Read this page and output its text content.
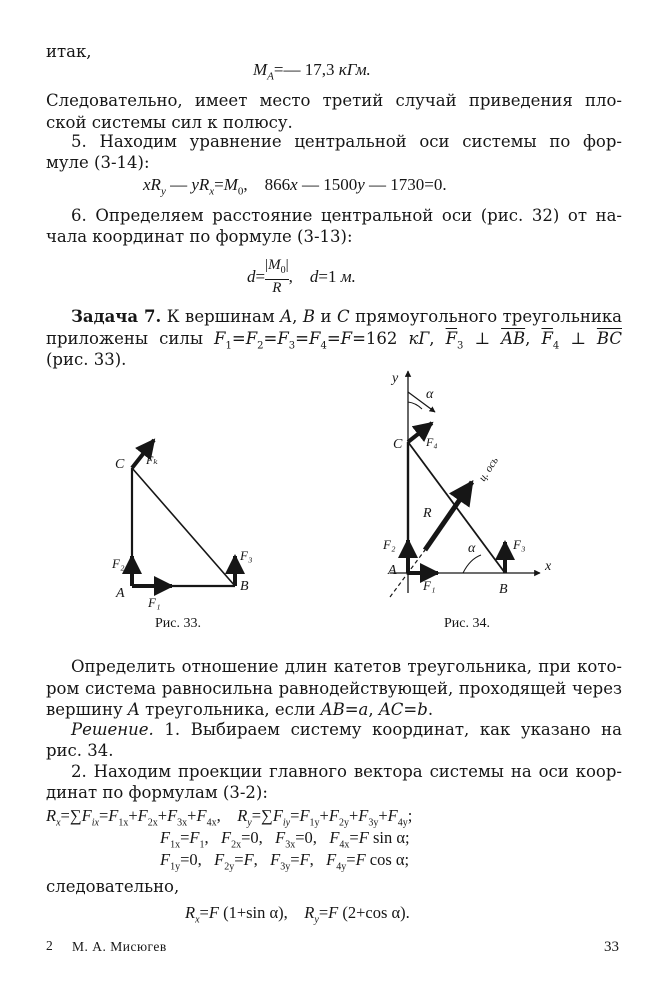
итак,
$M_A=—$ 17,3 кГм.
Следовательно, имеет место третий случай приведения пло-
ской системы сил к полюсу.
5. Находим уравнение центральной оси системы по фор-
муле (3-14):
$xR_y$ — $yR_x=M_0$,    866x — 1500y — 1730=0.
6. Определяем расстояние центральной оси (рис. 32) от на-
чала координат по формуле (3-13):
$d= \frac{|M_0|}{R}$ ,    d=1 м.
Задача 7. К вершинам A, B и C прямоугольного треугольника
приложены силы $F_1=F_2=F_3=F_4=F=162$ кГ, $\overline{F}_3$ ⊥ $\overline{AB}$, $\overline{F}_4$ ⊥ $\overline{BC}$
(рис. 33).
C
A	B
F₁
F₂
F₃
Fₖ
Рис. 33.
y
x
C
A
B
R
F₁
F₂	F₃
F₄
α
α
ц. ось
Рис. 34.
Определить отношение длин катетов треугольника, при кото-
ром система равносильна равнодействующей, проходящей через
вершину A треугольника, если AB=a, AC=b.
Решение. 1. Выбираем систему координат, как указано на
рис. 34.
2. Находим проекции главного вектора системы на оси коор-
динат по формулам (3-2):
$R_x=\sum F_{ix}=F_{1x}+F_{2x}+F_{3x}+F_{4x}$,    $R_y=\sum F_{iy}=F_{1y}+F_{2y}+F_{3y}+F_{4y}$;
$F_{1x}=F_1$,   $F_{2x}=0$,   $F_{3x}=0$,   $F_{4x}=F$ sin α;
$F_{1y}=0$,   $F_{2y}=F$,   $F_{3y}=F$,   $F_{4y}=F$ cos α;
следовательно,
$R_x=F$ (1+sin α),    $R_y=F$ (2+cos α).
2 М. А. Мисюгев	33
